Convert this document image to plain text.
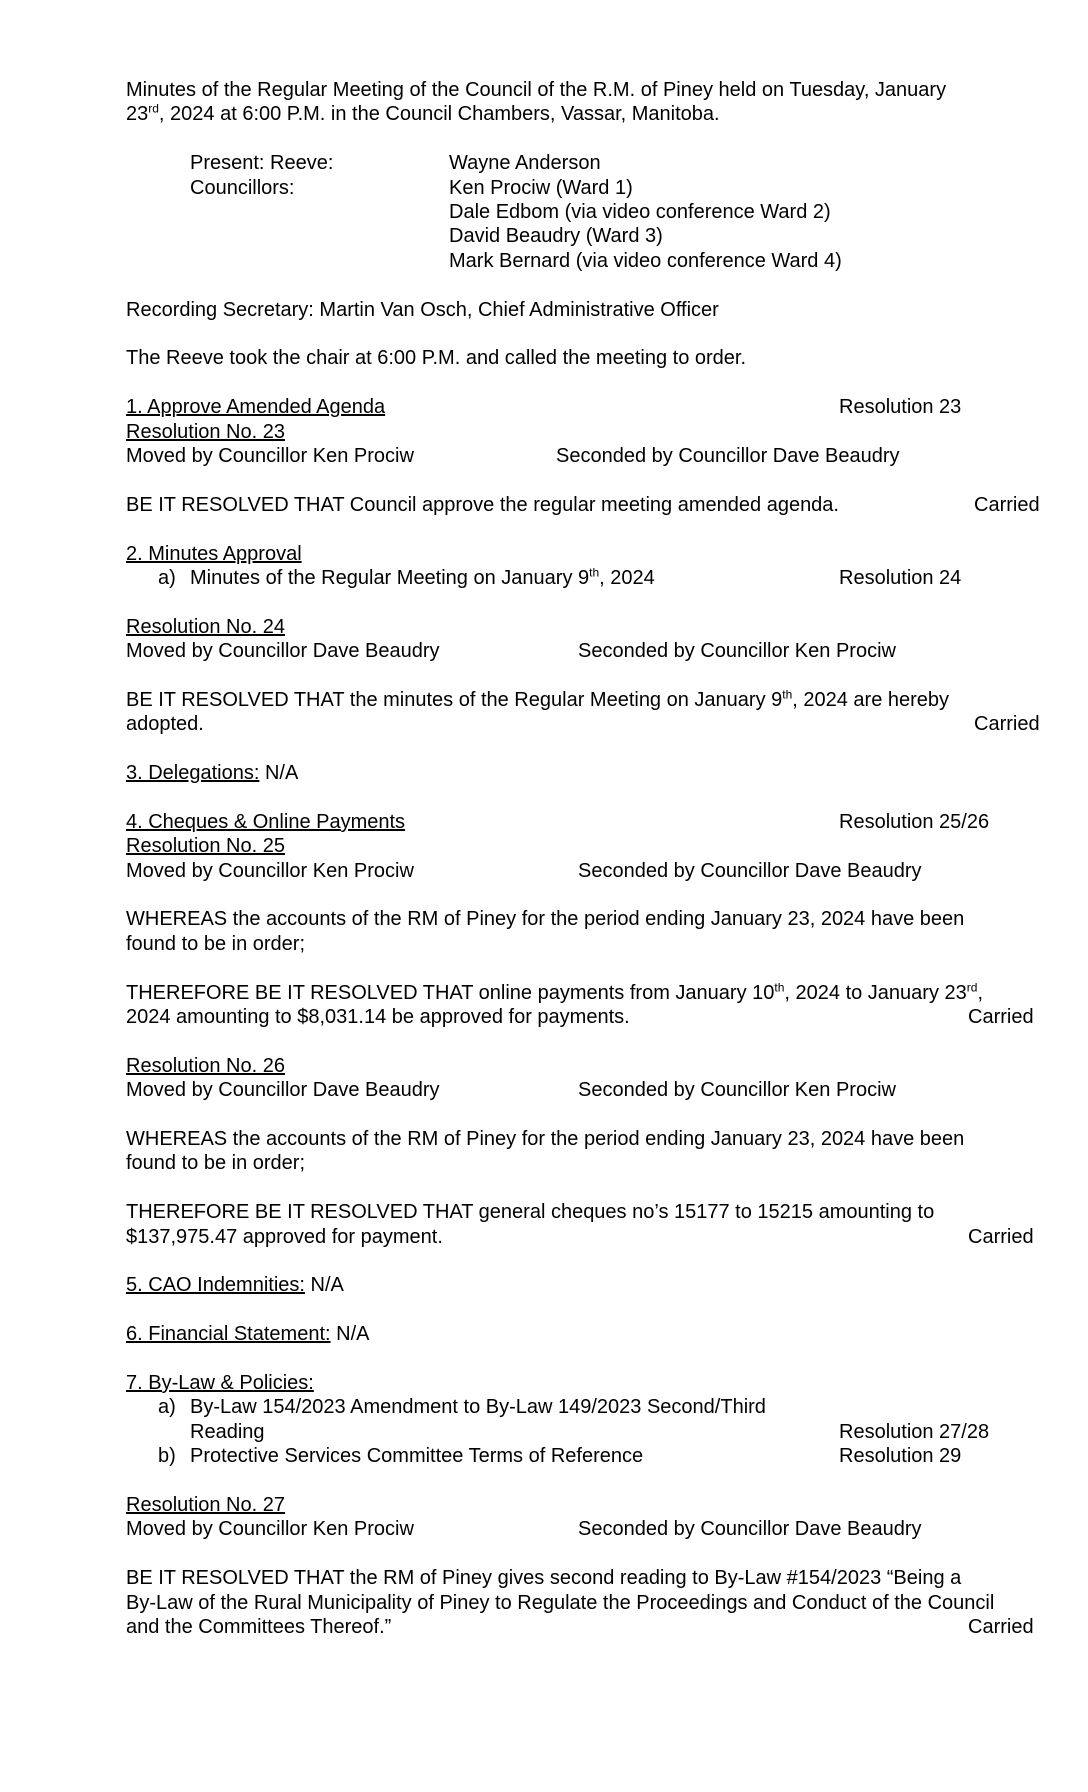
Minutes of the Regular Meeting of the Council of the R.M. of Piney held on Tuesday, January

23rd, 2024 at 6:00 P.M. in the Council Chambers, Vassar, Manitoba.

Present: Reeve:	Wayne Anderson
Councillors:	Ken Prociw (Ward 1)
Dale Edbom (via video conference Ward 2)
David Beaudry (Ward 3)
Mark Bernard (via video conference Ward 4)

Recording Secretary: Martin Van Osch, Chief Administrative Officer

The Reeve took the chair at 6:00 P.M. and called the meeting to order.

1. Approve Amended Agenda	Resolution 23

Resolution No. 23

Moved by Councillor Ken Prociw	Seconded by Councillor Dave Beaudry
BE IT RESOLVED THAT Council approve the regular meeting amended agenda.	Carried

2. Minutes Approval

a) Minutes of the Regular Meeting on January 9th, 2024	Resolution 24

Resolution No. 24

Moved by Councillor Dave Beaudry	Seconded by Councillor Ken Prociw

BE IT RESOLVED THAT the minutes of the Regular Meeting on January 9th, 2024 are hereby

adopted.	Carried

3. Delegations: N/A

4. Cheques & Online Payments	Resolution 25/26

Resolution No. 25

Moved by Councillor Ken Prociw	Seconded by Councillor Dave Beaudry

WHEREAS the accounts of the RM of Piney for the period ending January 23, 2024 have been

found to be in order;

THEREFORE BE IT RESOLVED THAT online payments from January 10th, 2024 to January 23rd,

2024 amounting to $8,031.14 be approved for payments.	Carried

Resolution No. 26

Moved by Councillor Dave Beaudry	Seconded by Councillor Ken Prociw

WHEREAS the accounts of the RM of Piney for the period ending January 23, 2024 have been

found to be in order;

THEREFORE BE IT RESOLVED THAT general cheques no’s 15177 to 15215 amounting to

$137,975.47 approved for payment.	Carried

5. CAO Indemnities: N/A

6. Financial Statement: N/A

7. By-Law & Policies:

a) By-Law 154/2023 Amendment to By-Law 149/2023 Second/Third
Reading	Resolution 27/28
b) Protective Services Committee Terms of Reference	Resolution 29

Resolution No. 27

Moved by Councillor Ken Prociw	Seconded by Councillor Dave Beaudry

BE IT RESOLVED THAT the RM of Piney gives second reading to By-Law #154/2023 “Being a

By-Law of the Rural Municipality of Piney to Regulate the Proceedings and Conduct of the Council

and the Committees Thereof.”	Carried
